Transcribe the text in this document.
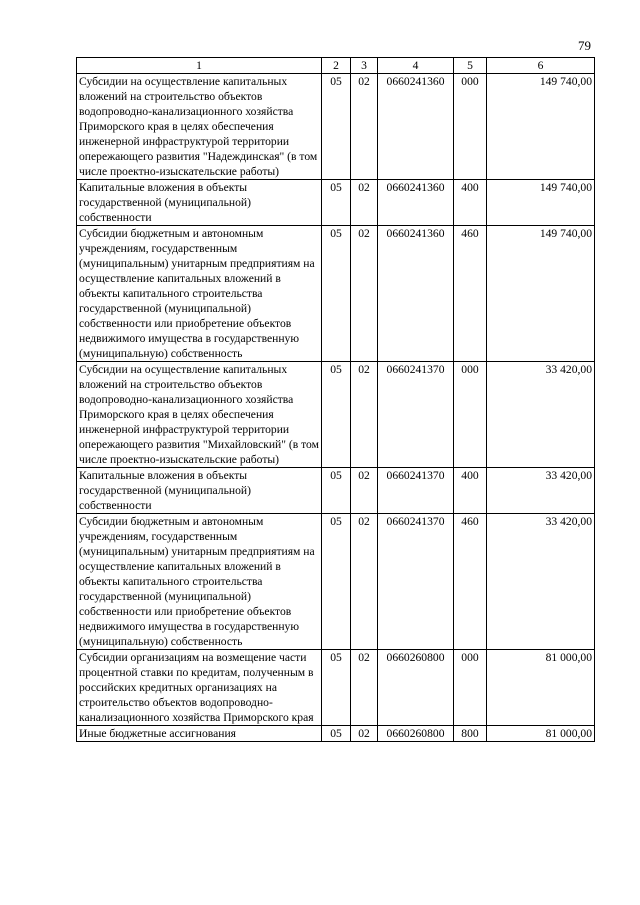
79
1	2	3	4	5	6
Субсидии на осуществление капитальных вложений на строительство объектов водопроводно-канализационного хозяйства Приморского края в целях обеспечения инженерной инфраструктурой территории опережающего развития "Надеждинская" (в том числе проектно-изыскательские работы)	05	02	0660241360	000	149 740,00
Капитальные вложения в объекты государственной (муниципальной) собственности	05	02	0660241360	400	149 740,00
Субсидии бюджетным и автономным учреждениям, государственным (муниципальным) унитарным предприятиям на осуществление капитальных вложений в объекты капитального строительства государственной (муниципальной) собственности или приобретение объектов недвижимого имущества в государственную (муниципальную) собственность	05	02	0660241360	460	149 740,00
Субсидии на осуществление капитальных вложений на строительство объектов водопроводно-канализационного хозяйства Приморского края в целях обеспечения инженерной инфраструктурой территории опережающего развития "Михайловский" (в том числе проектно-изыскательские работы)	05	02	0660241370	000	33 420,00
Капитальные вложения в объекты государственной (муниципальной) собственности	05	02	0660241370	400	33 420,00
Субсидии бюджетным и автономным учреждениям, государственным (муниципальным) унитарным предприятиям на осуществление капитальных вложений в объекты капитального строительства государственной (муниципальной) собственности или приобретение объектов недвижимого имущества в государственную (муниципальную) собственность	05	02	0660241370	460	33 420,00
Субсидии организациям на возмещение части процентной ставки по кредитам, полученным в российских кредитных организациях на строительство объектов водопроводно-канализационного хозяйства Приморского края	05	02	0660260800	000	81 000,00
Иные бюджетные ассигнования	05	02	0660260800	800	81 000,00
